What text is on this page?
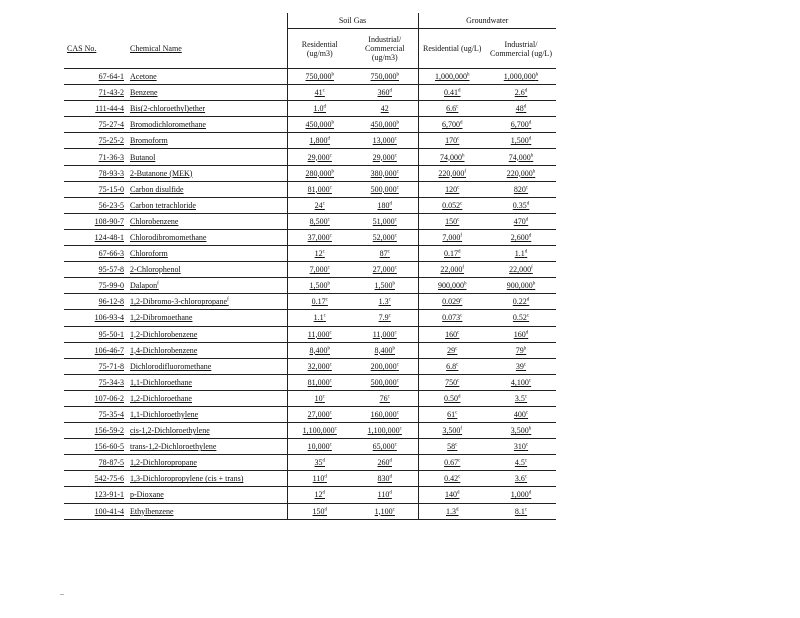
		Soil Gas		Groundwater	
CAS No.	Chemical Name	Residential (ug/m3)	Industrial/ Commercial (ug/m3)	Residential (ug/L)	Industrial/ Commercial (ug/L)
67-64-1	Acetone	750,000$^b$	750,000$^b$	1,000,000$^h$	1,000,000$^h$
71-43-2	Benzene	41$^c$	360$^d$	0.41$^d$	2.6$^d$
111-44-4	Bis(2-chloroethyl)ether	1.0$^d$	42	6.6$^c$	48$^d$
75-27-4	Bromodichloromethane	450,000$^b$	450,000$^b$	6,700$^d$	6,700$^d$
75-25-2	Bromoform	1,800$^d$	13,000$^c$	170$^c$	1,500$^d$
71-36-3	Butanol	29,000$^c$	29,000$^c$	74,000$^h$	74,000$^h$
78-93-3	2-Butanone (MEK)	280,000$^b$	380,000$^c$	220,000$^f$	220,000$^h$
75-15-0	Carbon disulfide	81,000$^c$	500,000$^c$	120$^c$	820$^c$
56-23-5	Carbon tetrachloride	24$^c$	180$^d$	0.052$^c$	0.35$^d$
108-90-7	Chlorobenzene	8,500$^c$	51,000$^c$	150$^c$	470$^d$
124-48-1	Chlorodibromomethane	37,000$^c$	52,000$^c$	7,000$^f$	2,600$^d$
67-66-3	Chloroform	12$^c$	87$^c$	0.17$^d$	1.1$^d$
95-57-8	2-Chlorophenol	7,000$^c$	27,000$^c$	22,000$^f$	22,000$^f$
75-99-0	Dalapon$^f$	1,500$^b$	1,500$^b$	900,000$^b$	900,000$^b$
96-12-8	1,2-Dibromo-3-chloropropane$^f$	0.17$^c$	1.3$^c$	0.029$^c$	0.22$^d$
106-93-4	1,2-Dibromoethane	1.1$^c$	7.9$^c$	0.073$^c$	0.52$^c$
95-50-1	1,2-Dichlorobenzene	11,000$^c$	11,000$^c$	160$^c$	160$^d$
106-46-7	1,4-Dichlorobenzene	8,400$^b$	8,400$^b$	29$^c$	79$^b$
75-71-8	Dichlorodifluoromethane	32,000$^c$	200,000$^c$	6.8$^c$	39$^c$
75-34-3	1,1-Dichloroethane	81,000$^c$	500,000$^c$	750$^c$	4,100$^c$
107-06-2	1,2-Dichloroethane	10$^c$	76$^c$	0.50$^d$	3.5$^c$
75-35-4	1,1-Dichloroethylene	27,000$^c$	160,000$^c$	61$^c$	400$^c$
156-59-2	cis-1,2-Dichloroethylene	1,100,000$^c$	1,100,000$^c$	3,500$^f$	3,500$^h$
156-60-5	trans-1,2-Dichloroethylene	10,000$^c$	65,000$^c$	58$^c$	310$^c$
78-87-5	1,2-Dichloropropane	35$^d$	260$^d$	0.67$^c$	4.5$^c$
542-75-6	1,3-Dichloropropylene (cis + trans)	110$^d$	830$^d$	0.42$^c$	3.6$^c$
123-91-1	p-Dioxane	12$^d$	110$^d$	140$^d$	1,000$^d$
100-41-4	Ethylbenzene	150$^d$	1,100$^c$	1.3$^d$	8.1$^c$
..
